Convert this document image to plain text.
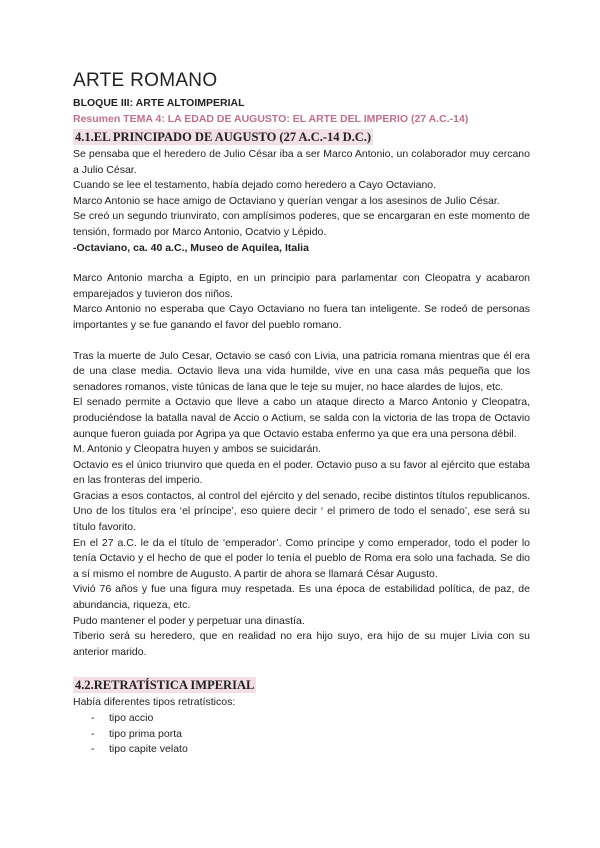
ARTE ROMANO
BLOQUE III: ARTE ALTOIMPERIAL
Resumen TEMA 4: LA EDAD DE AUGUSTO: EL ARTE DEL IMPERIO (27 A.C.-14)
4.1.EL PRINCIPADO DE AUGUSTO (27 A.C.-14 D.C.)

Se pensaba que el heredero de Julio César iba a ser Marco Antonio, un colaborador muy cercano a Julio César.

Cuando se lee el testamento, había dejado como heredero a Cayo Octaviano.

Marco Antonio se hace amigo de Octaviano y querían vengar a los asesinos de Julio César.

Se creó un segundo triunvirato, con amplísimos poderes, que se encargaran en este momento de tensión, formado por Marco Antonio, Ocatvio y Lépido.

-Octaviano, ca. 40 a.C., Museo de Aquilea, Italia

Marco Antonio marcha a Egipto, en un principio para parlamentar con Cleopatra y acabaron emparejados y tuvieron dos niños.

Marco Antonio no esperaba que Cayo Octaviano no fuera tan inteligente. Se rodeó de personas importantes y se fue ganando el favor del pueblo romano.

Tras la muerte de Julo Cesar, Octavio se casó con Livia, una patricia romana mientras que él era de una clase media. Octavio lleva una vida humilde, vive en una casa más pequeña que los senadores romanos, viste túnicas de lana que le teje su mujer, no hace alardes de lujos, etc.

El senado permite a Octavio que lleve a cabo un ataque directo a Marco Antonio y Cleopatra, produciéndose la batalla naval de Accio o Actium, se salda con la victoria de las tropa de Octavio aunque fueron guiada por Agripa ya que Octavio estaba enfermo ya que era una persona débil.

M. Antonio y Cleopatra huyen y ambos se suicidarán.

Octavio es el único triunviro que queda en el poder. Octavio puso a su favor al ejército que estaba en las fronteras del imperio.

Gracias a esos contactos, al control del ejército y del senado, recibe distintos títulos republicanos. Uno de los títulos era ‘el príncipe’, eso quiere decir ‘ el primero de todo el senado’, ese será su título favorito.

En el 27 a.C. le da el título de ‘emperador’. Como príncipe y como emperador, todo el poder lo tenía Octavio y el hecho de que el poder lo tenía el pueblo de Roma era solo una fachada. Se dio a sí mismo el nombre de Augusto. A partir de ahora se llamará César Augusto.

Vivió 76 años y fue una figura muy respetada. Es una época de estabilidad política, de paz, de abundancia, riqueza, etc.

Pudo mantener el poder y perpetuar una dinastía.

Tiberio será su heredero, que en realidad no era hijo suyo, era hijo de su mujer Livia con su anterior marido.

4.2.RETRATÍSTICA IMPERIAL

Había diferentes tipos retratísticos:

- tipo accio
- tipo prima porta
- tipo capite velato
